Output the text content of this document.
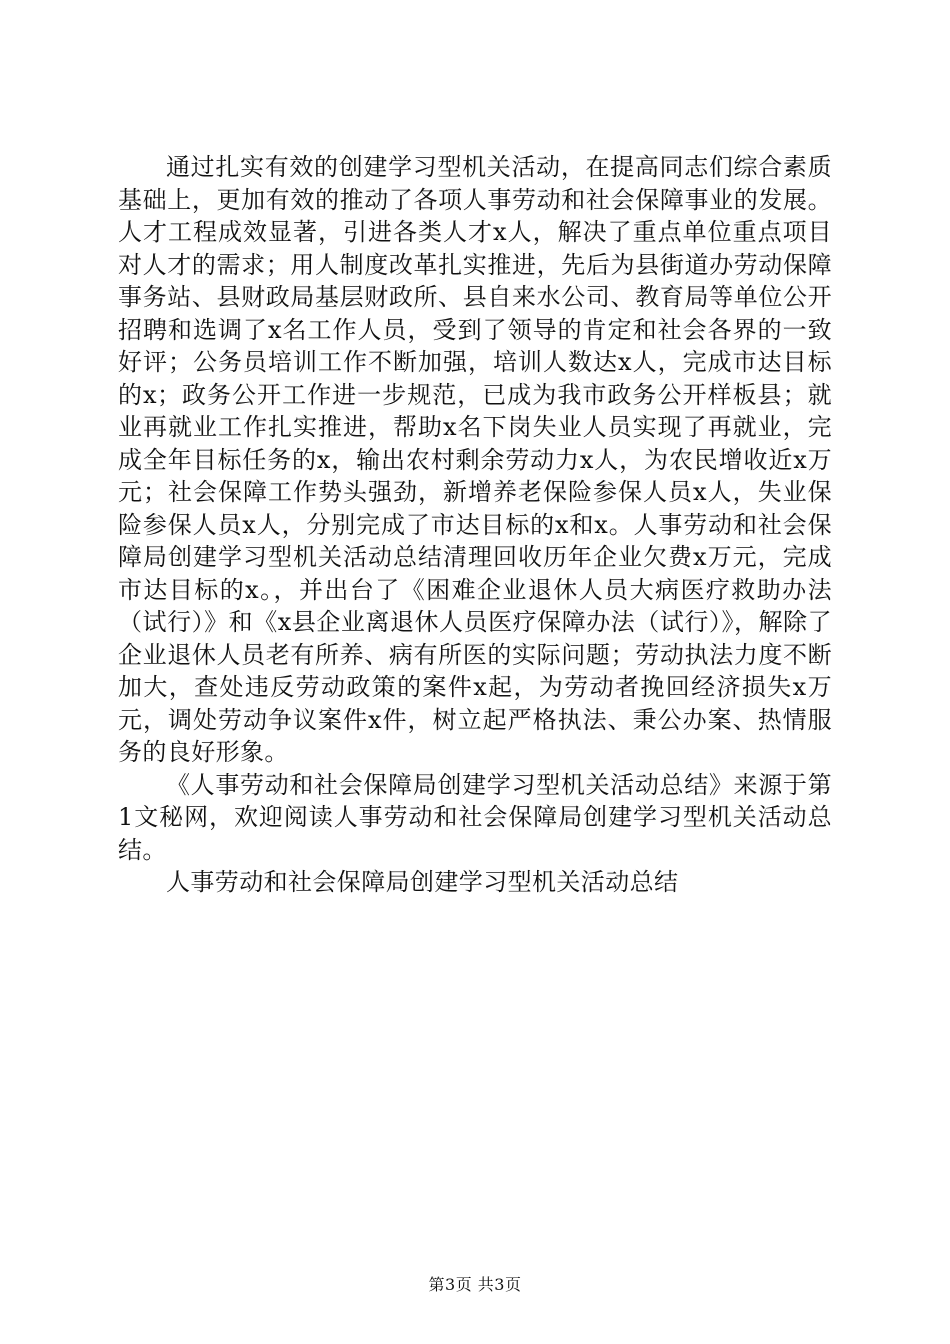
通过扎实有效的创建学习型机关活动，在提高同志们综合素质基础上，更加有效的推动了各项人事劳动和社会保障事业的发展。人才工程成效显著，引进各类人才x人，解决了重点单位重点项目对人才的需求；用人制度改革扎实推进，先后为县街道办劳动保障事务站、县财政局基层财政所、县自来水公司、教育局等单位公开招聘和选调了x名工作人员，受到了领导的肯定和社会各界的一致好评；公务员培训工作不断加强，培训人数达x人，完成市达目标的x；政务公开工作进一步规范，已成为我市政务公开样板县；就业再就业工作扎实推进，帮助x名下岗失业人员实现了再就业，完成全年目标任务的x，输出农村剩余劳动力x人，为农民增收近x万元；社会保障工作势头强劲，新增养老保险参保人员x人，失业保险参保人员x人，分别完成了市达目标的x和x。人事劳动和社会保障局创建学习型机关活动总结清理回收历年企业欠费x万元，完成市达目标的x。，并出台了《困难企业退休人员大病医疗救助办法（试行）》和《x县企业离退休人员医疗保障办法（试行）》，解除了企业退休人员老有所养、病有所医的实际问题；劳动执法力度不断加大，查处违反劳动政策的案件x起，为劳动者挽回经济损失x万元，调处劳动争议案件x件，树立起严格执法、秉公办案、热情服务的良好形象。

《人事劳动和社会保障局创建学习型机关活动总结》来源于第1文秘网，欢迎阅读人事劳动和社会保障局创建学习型机关活动总结。

人事劳动和社会保障局创建学习型机关活动总结

第3页 共3页
